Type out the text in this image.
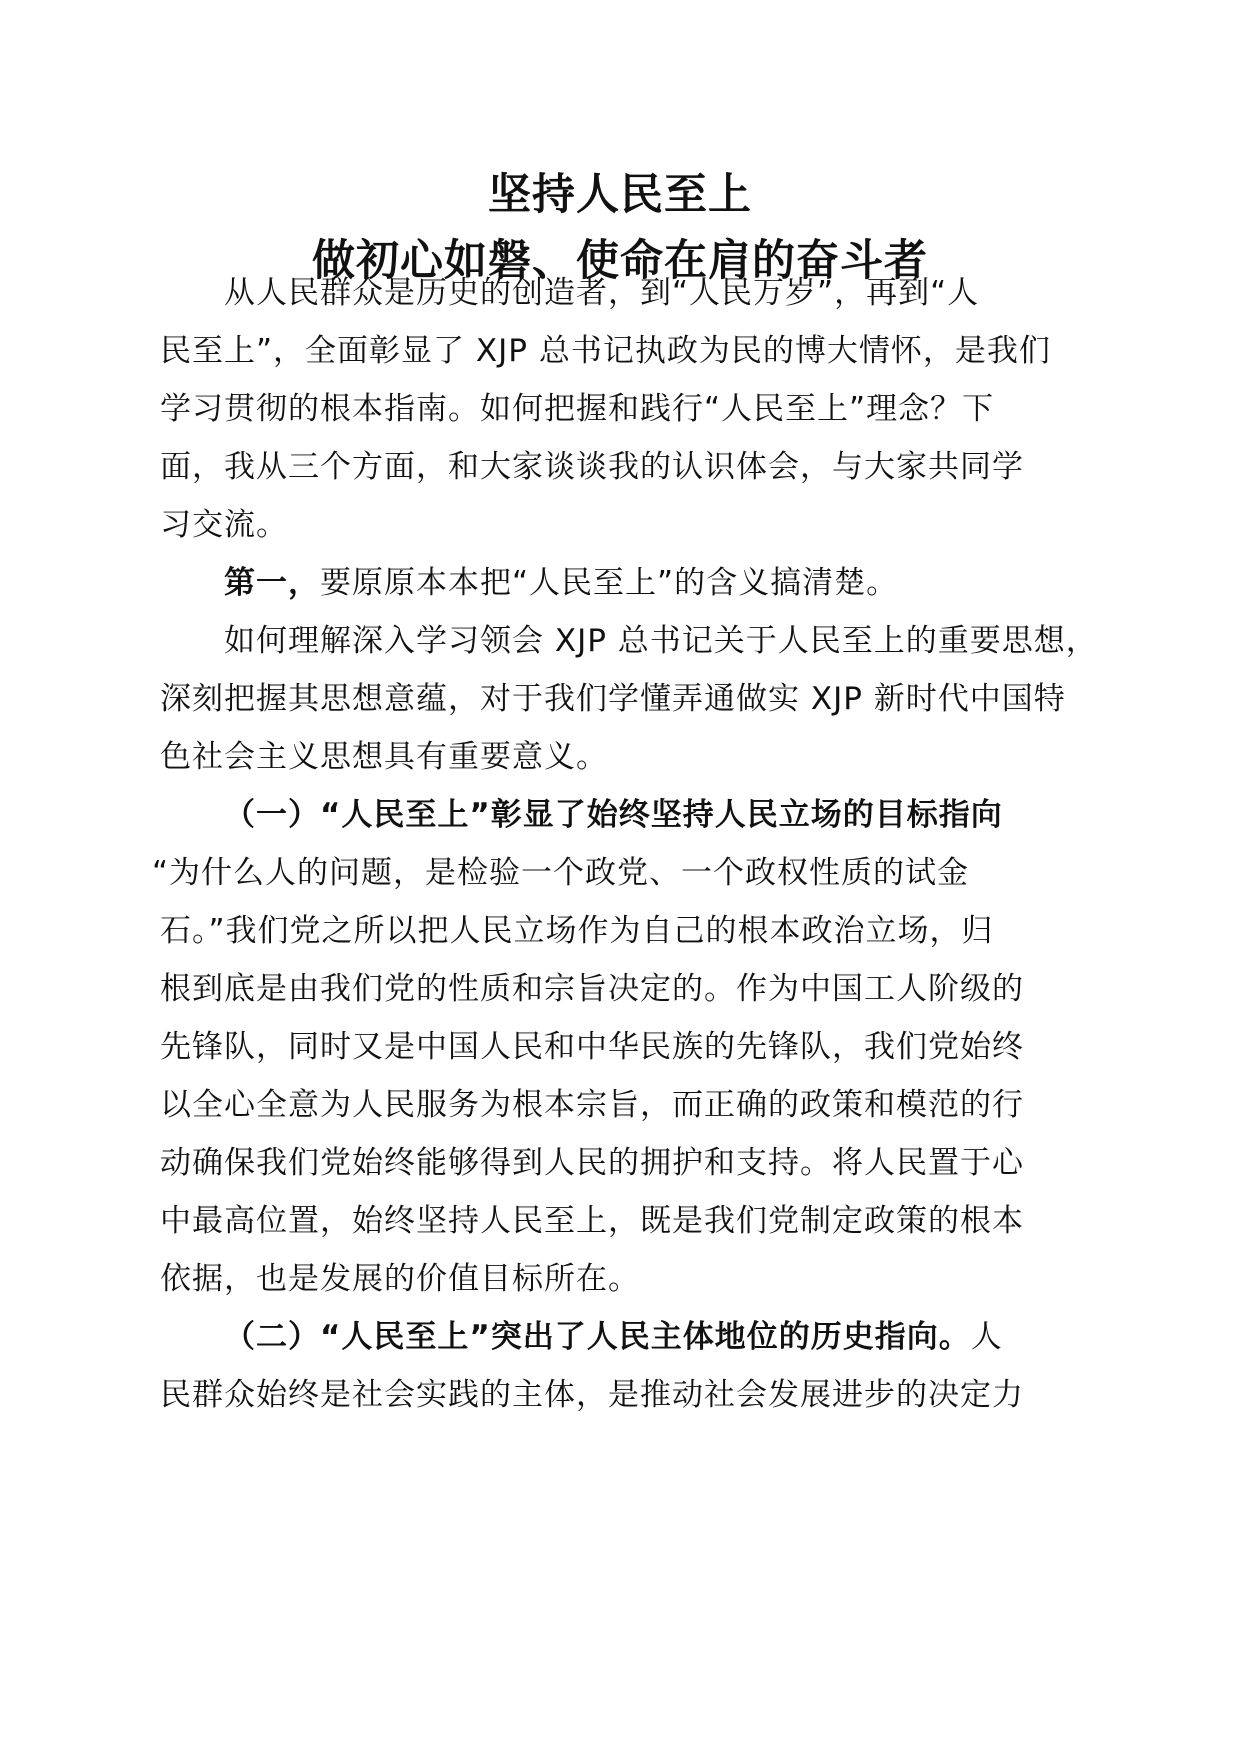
坚持人民至上
做初心如磐、使命在肩的奋斗者
从人民群众是历史的创造者，到“人民万岁”，再到“人
民至上”，全面彰显了 XJP 总书记执政为民的博大情怀，是我们
学习贯彻的根本指南。如何把握和践行“人民至上”理念？下
面，我从三个方面，和大家谈谈我的认识体会，与大家共同学
习交流。
第一，要原原本本把“人民至上”的含义搞清楚。
如何理解深入学习领会 XJP 总书记关于人民至上的重要思想，
深刻把握其思想意蕴，对于我们学懂弄通做实 XJP 新时代中国特
色社会主义思想具有重要意义。
（一）“人民至上”彰显了始终坚持人民立场的目标指向
“为什么人的问题，是检验一个政党、一个政权性质的试金
石。”我们党之所以把人民立场作为自己的根本政治立场，归
根到底是由我们党的性质和宗旨决定的。作为中国工人阶级的
先锋队，同时又是中国人民和中华民族的先锋队，我们党始终
以全心全意为人民服务为根本宗旨，而正确的政策和模范的行
动确保我们党始终能够得到人民的拥护和支持。将人民置于心
中最高位置，始终坚持人民至上，既是我们党制定政策的根本
依据，也是发展的价值目标所在。
（二）“人民至上”突出了人民主体地位的历史指向。人
民群众始终是社会实践的主体，是推动社会发展进步的决定力
